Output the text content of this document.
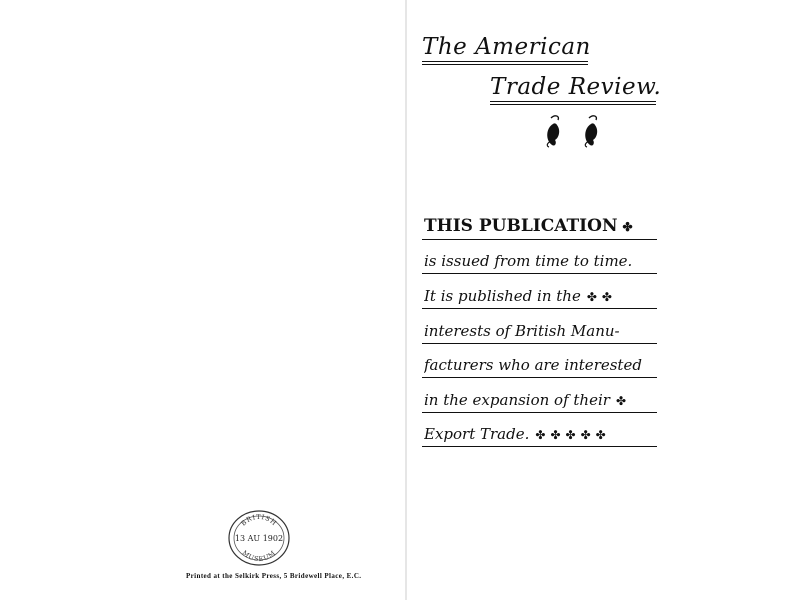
The American
Trade Review.
THIS PUBLICATION ✤
is issued from time to time.
It is published in the ✤✤
interests of British Manu-
facturers who are interested
in the expansion of their ✤
Export Trade. ✤✤✤✤✤
BRITISH
13 AU 1902
MUSEUM
Printed at the Selkirk Press, 5 Bridewell Place, E.C.
